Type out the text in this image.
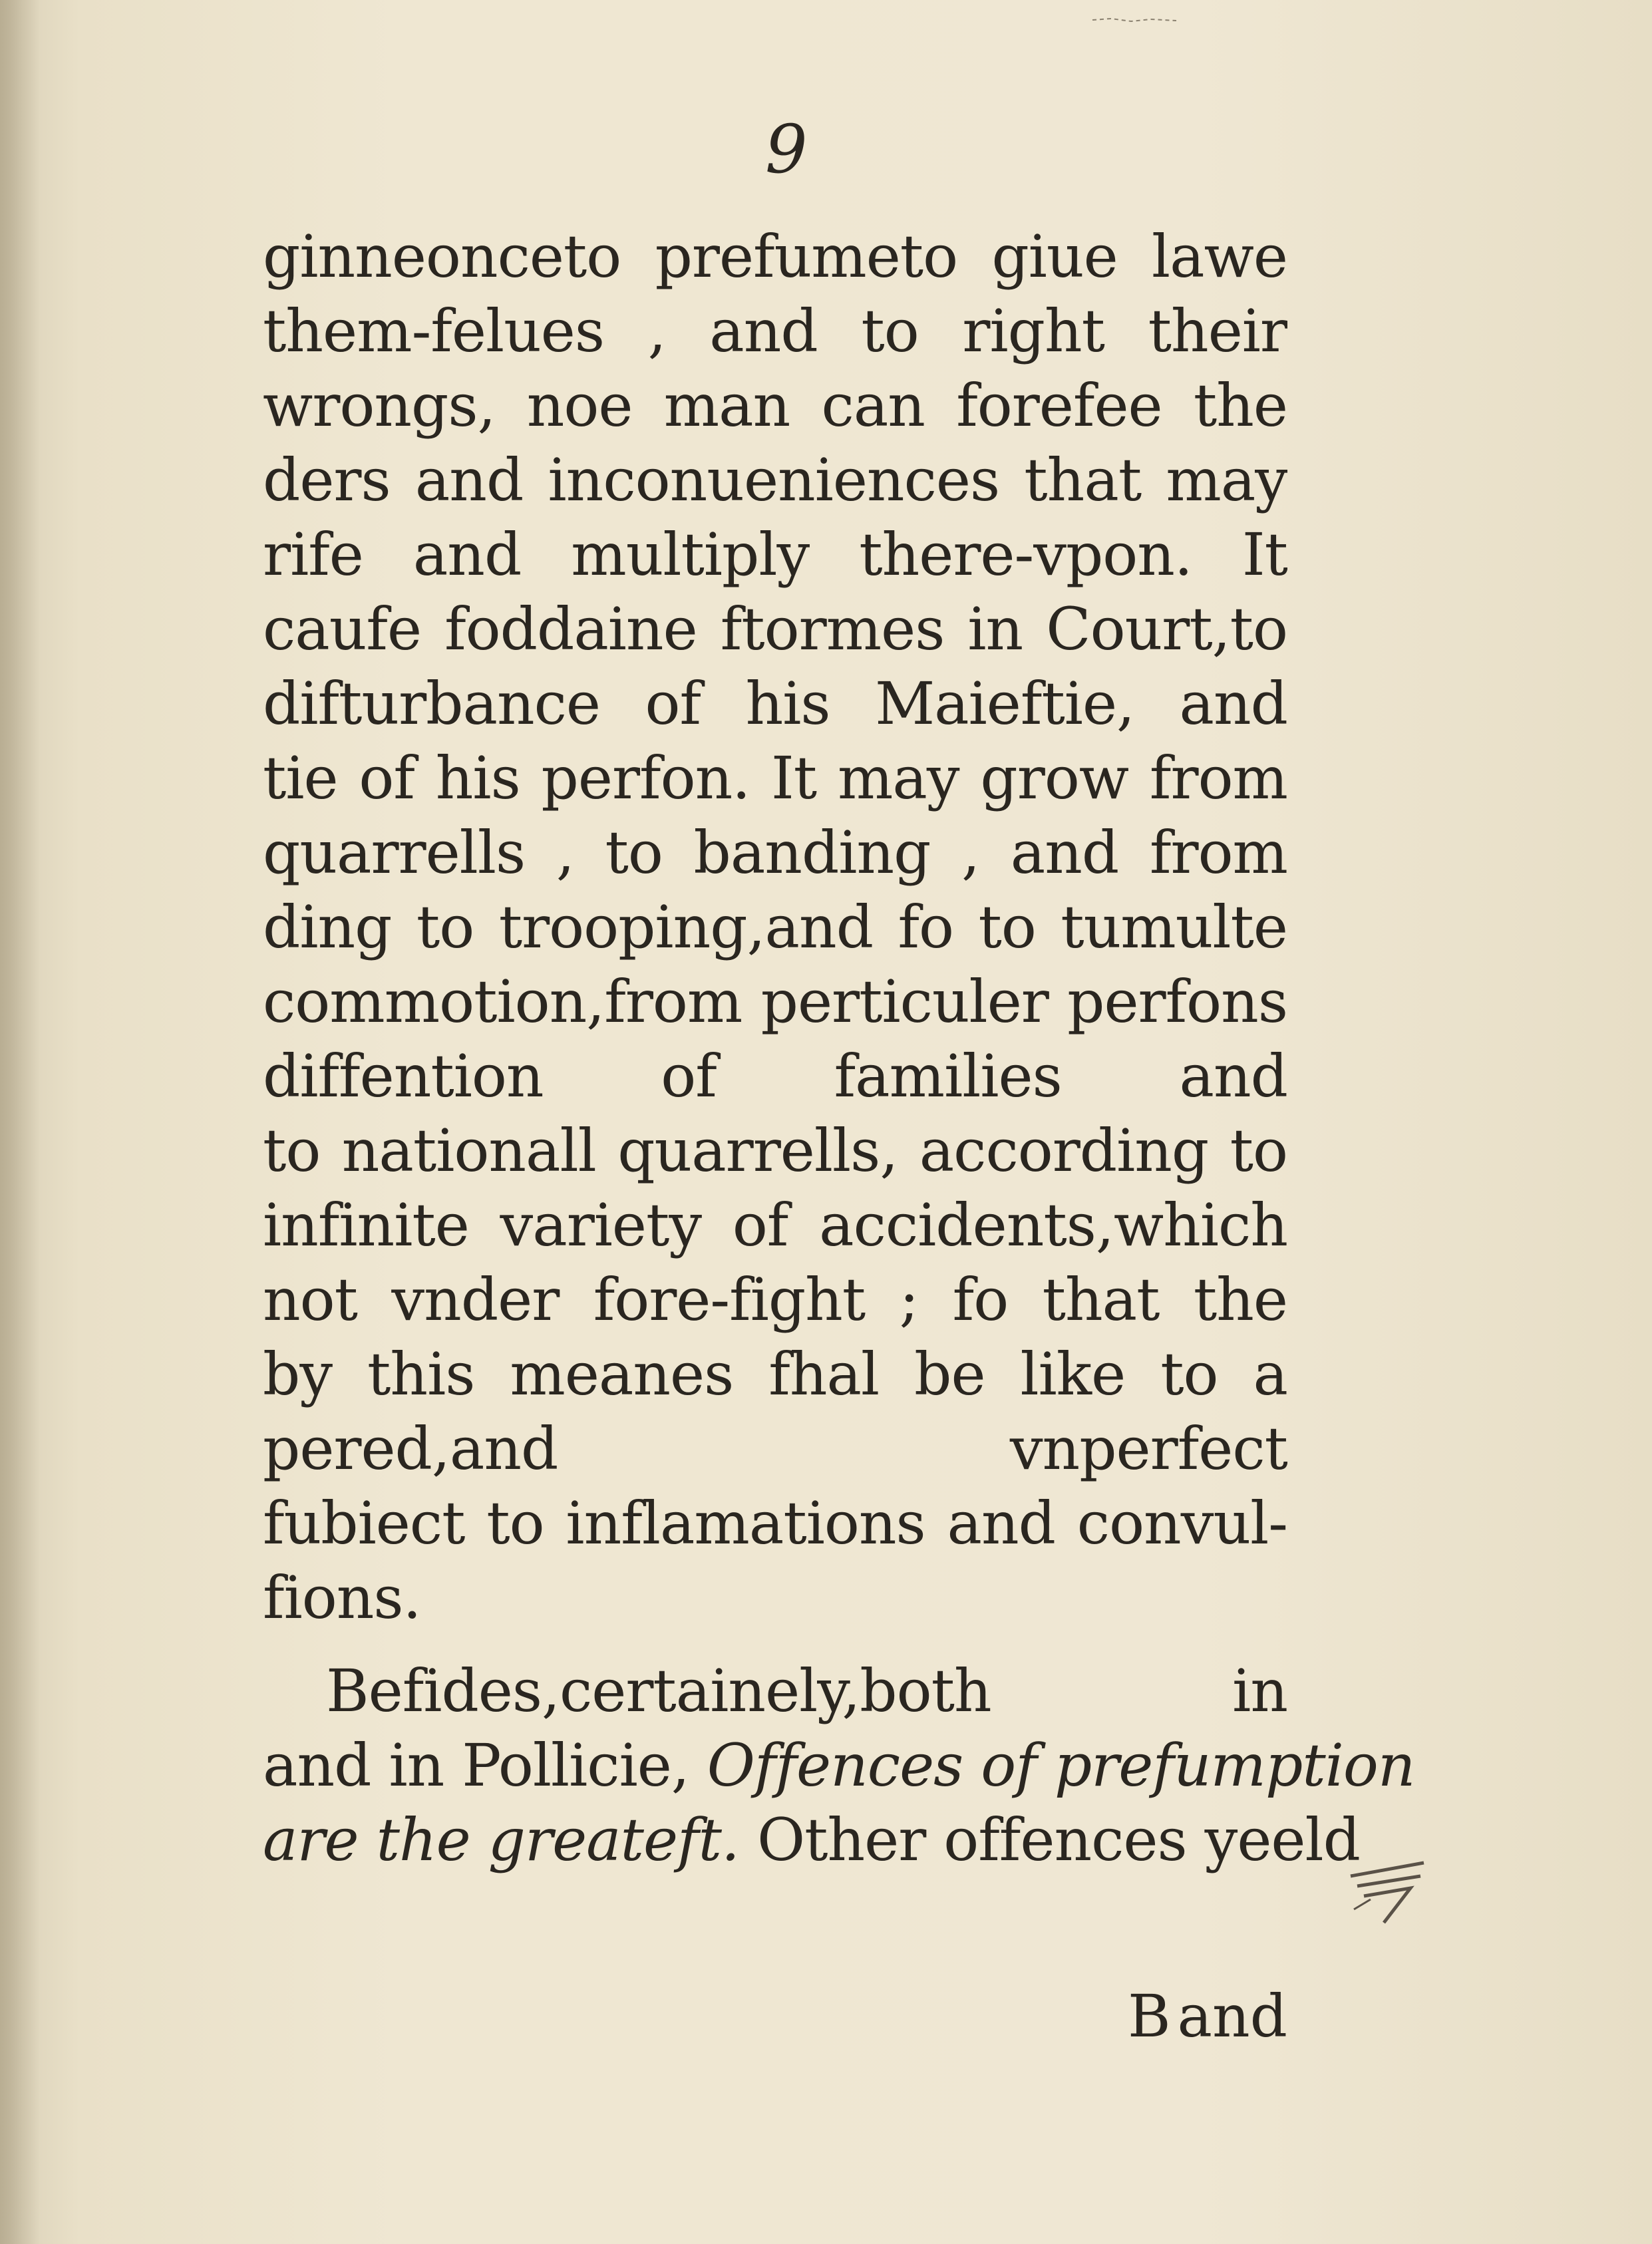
9
ginneonceto prefumeto giue lawe
them-felues , and to right their
wrongs, noe man can forefee the
ders and inconueniences that may
rife and multiply there-vpon. It
caufe foddaine ftormes in Court,to
difturbance of his Maieftie, and
tie of his perfon. It may grow from
quarrells , to banding , and from
ding to trooping,and fo to tumulte
commotion,from perticuler perfons
diffention of families and
to nationall quarrells, according to
infinite variety of accidents,which
not vnder fore-fight ; fo that the
by this meanes fhal be like to a
pered,and vnperfect
fubiect to inflamations and convul-
fions.
Befides,certainely,both in
and in Pollicie, Offences of prefumption
are the greateft. Other offences yeeld
B and
